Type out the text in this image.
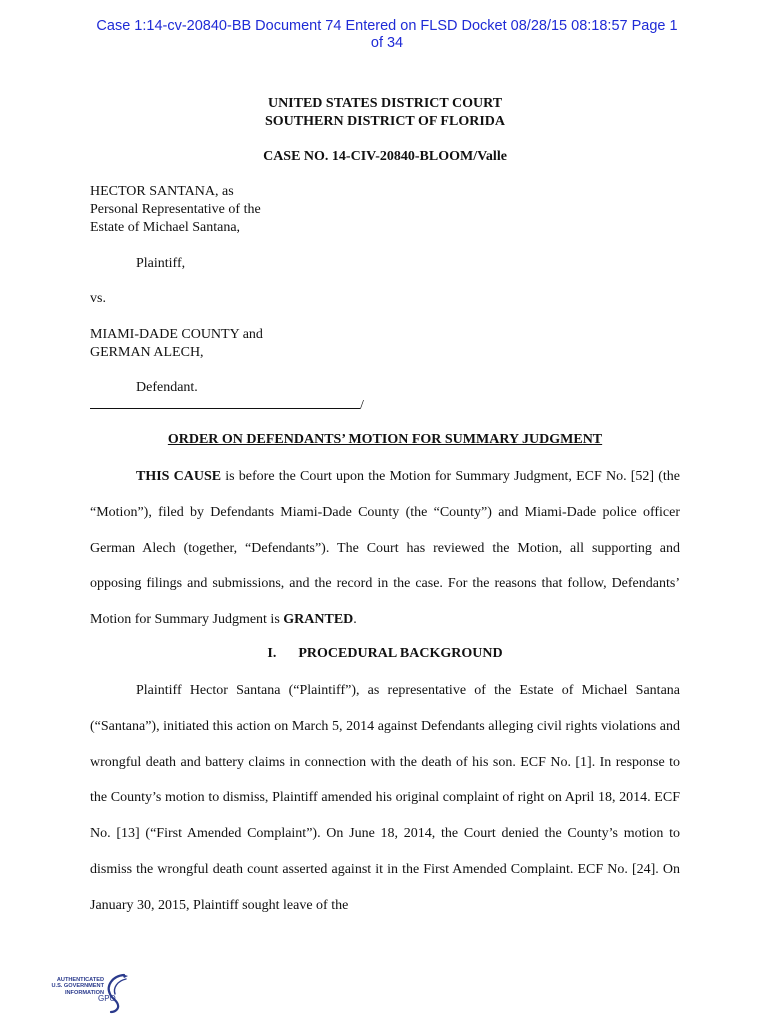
Case 1:14-cv-20840-BB Document 74 Entered on FLSD Docket 08/28/15 08:18:57 Page 1
of 34
UNITED STATES DISTRICT COURT
SOUTHERN DISTRICT OF FLORIDA
CASE NO. 14-CIV-20840-BLOOM/Valle
HECTOR SANTANA, as
Personal Representative of the
Estate of Michael Santana,
Plaintiff,
vs.
MIAMI-DADE COUNTY and
GERMAN ALECH,
Defendant.
/
ORDER ON DEFENDANTS’ MOTION FOR SUMMARY JUDGMENT

THIS CAUSE is before the Court upon the Motion for Summary Judgment, ECF No. [52] (the “Motion”), filed by Defendants Miami-Dade County (the “County”) and Miami-Dade police officer German Alech (together, “Defendants”). The Court has reviewed the Motion, all supporting and opposing filings and submissions, and the record in the case. For the reasons that follow, Defendants’ Motion for Summary Judgment is GRANTED.

I. PROCEDURAL BACKGROUND

Plaintiff Hector Santana (“Plaintiff”), as representative of the Estate of Michael Santana (“Santana”), initiated this action on March 5, 2014 against Defendants alleging civil rights violations and wrongful death and battery claims in connection with the death of his son. ECF No. [1]. In response to the County’s motion to dismiss, Plaintiff amended his original complaint of right on April 18, 2014. ECF No. [13] (“First Amended Complaint”). On June 18, 2014, the Court denied the County’s motion to dismiss the wrongful death count asserted against it in the First Amended Complaint. ECF No. [24]. On January 30, 2015, Plaintiff sought leave of the

AUTHENTICATED
U.S. GOVERNMENT
INFORMATION
GPO
